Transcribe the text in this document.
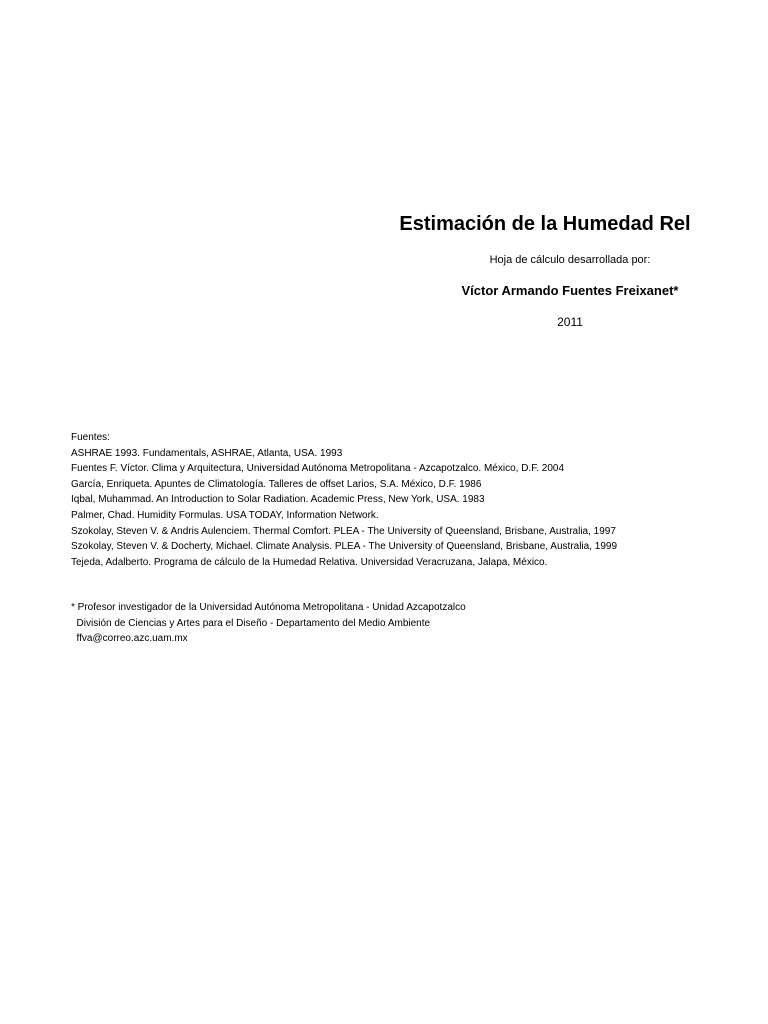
Estimación de la Humedad Rel
Hoja de cálculo desarrollada por:
Víctor Armando Fuentes Freixanet*
2011
Fuentes:
ASHRAE 1993. Fundamentals, ASHRAE, Atlanta, USA. 1993
Fuentes F. Víctor. Clima y Arquitectura, Universidad Autónoma Metropolitana - Azcapotzalco. México, D.F. 2004
García, Enriqueta. Apuntes de Climatología. Talleres de offset Larios, S.A. México, D.F. 1986
Iqbal, Muhammad. An Introduction to Solar Radiation. Academic Press, New York, USA. 1983
Palmer, Chad. Humidity Formulas. USA TODAY, Information Network.
Szokolay, Steven V. & Andris Aulenciem. Thermal Comfort. PLEA - The University of Queensland, Brisbane, Australia, 1997
Szokolay, Steven V. & Docherty, Michael. Climate Analysis. PLEA - The University of Queensland, Brisbane, Australia, 1999
Tejeda, Adalberto. Programa de cálculo de la Humedad Relativa. Universidad Veracruzana, Jalapa, México.
* Profesor investigador de la Universidad Autónoma Metropolitana - Unidad Azcapotzalco
División de Ciencias y Artes para el Diseño - Departamento del Medio Ambiente
ffva@correo.azc.uam.mx
